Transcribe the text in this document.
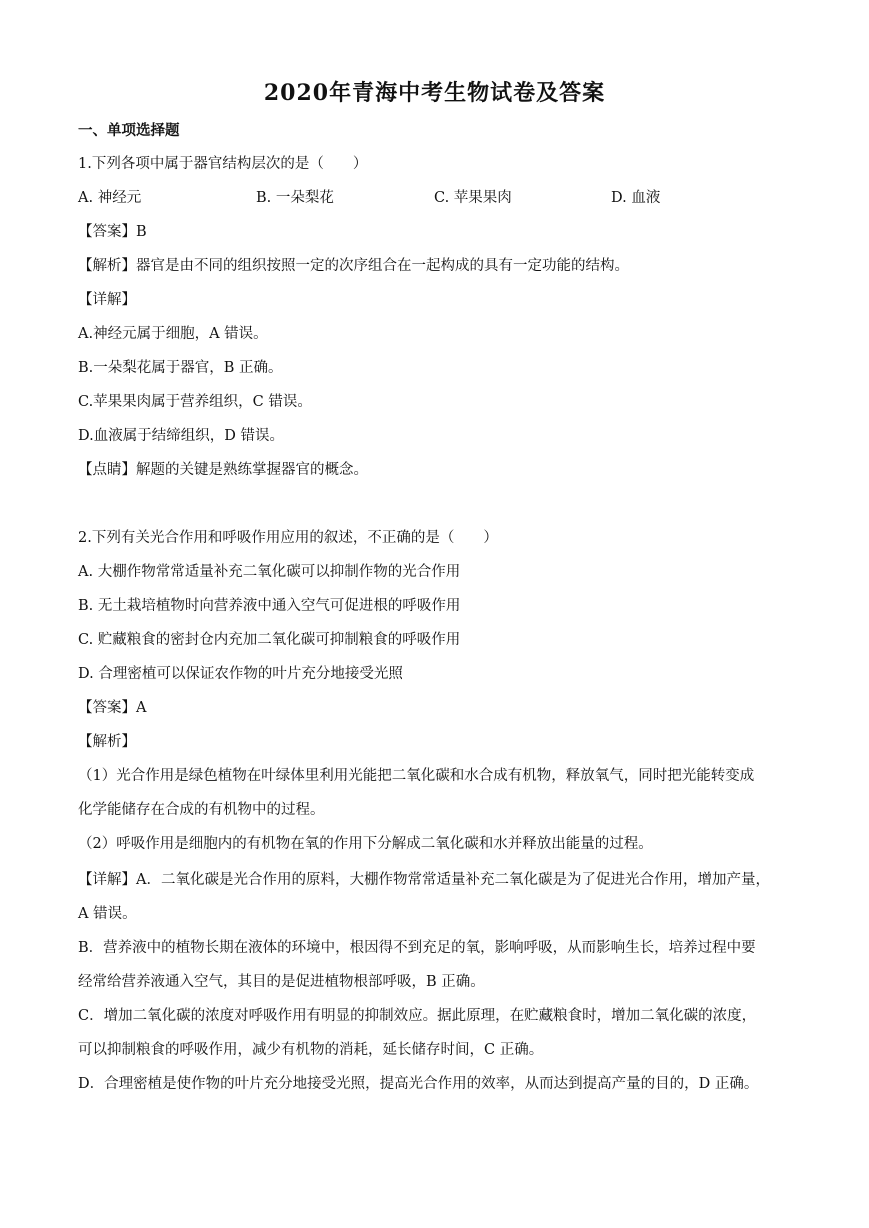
2020年青海中考生物试卷及答案
一、单项选择题
1.下列各项中属于器官结构层次的是（　　）
A. 神经元	B. 一朵梨花	C. 苹果果肉	D. 血液
【答案】B
【解析】器官是由不同的组织按照一定的次序组合在一起构成的具有一定功能的结构。
【详解】
A.神经元属于细胞，A 错误。
B.一朵梨花属于器官，B 正确。
C.苹果果肉属于营养组织，C 错误。
D.血液属于结缔组织，D 错误。
【点睛】解题的关键是熟练掌握器官的概念。
2.下列有关光合作用和呼吸作用应用的叙述，不正确的是（　　）
A. 大棚作物常常适量补充二氧化碳可以抑制作物的光合作用
B. 无土栽培植物时向营养液中通入空气可促进根的呼吸作用
C. 贮藏粮食的密封仓内充加二氧化碳可抑制粮食的呼吸作用
D. 合理密植可以保证农作物的叶片充分地接受光照
【答案】A
【解析】
（1）光合作用是绿色植物在叶绿体里利用光能把二氧化碳和水合成有机物，释放氧气，同时把光能转变成
化学能储存在合成的有机物中的过程。
（2）呼吸作用是细胞内的有机物在氧的作用下分解成二氧化碳和水并释放出能量的过程。
【详解】A．二氧化碳是光合作用的原料，大棚作物常常适量补充二氧化碳是为了促进光合作用，增加产量，
A 错误。
B．营养液中的植物长期在液体的环境中，根因得不到充足的氧，影响呼吸，从而影响生长，培养过程中要
经常给营养液通入空气，其目的是促进植物根部呼吸，B 正确。
C．增加二氧化碳的浓度对呼吸作用有明显的抑制效应。据此原理，在贮藏粮食时，增加二氧化碳的浓度，
可以抑制粮食的呼吸作用，减少有机物的消耗，延长储存时间，C 正确。
D．合理密植是使作物的叶片充分地接受光照，提高光合作用的效率，从而达到提高产量的目的，D 正确。
